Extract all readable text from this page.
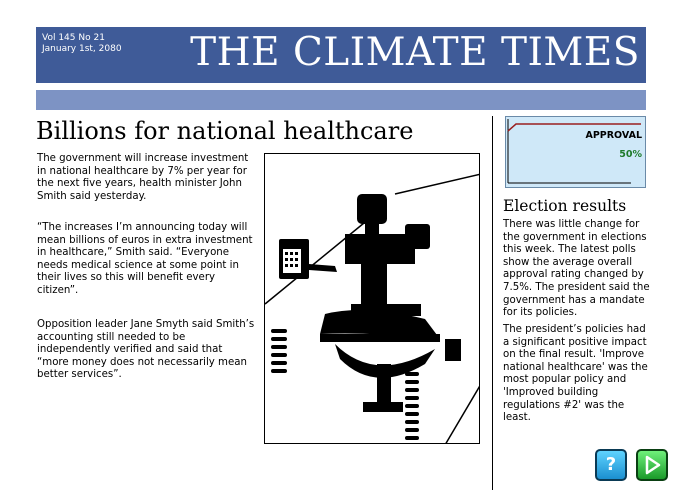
Vol 145 No 21
January 1st, 2080 THE CLIMATE TIMES
Billions for national healthcare
The government will increase investment in national healthcare by 7% per year for the next five years, health minister John Smith said yesterday.
“The increases I’m announcing today will mean billions of euros in extra investment in healthcare,” Smith said. “Everyone needs medical science at some point in their lives so this will benefit every citizen”.
Opposition leader Jane Smyth said Smith’s accounting still needed to be independently verified and said that “more money does not necessarily mean better services”.
APPROVAL
50%
Election results
There was little change for the government in elections this week. The latest polls show the average overall approval rating changed by 7.5%. The president said the government has a mandate for its policies.
The president’s policies had a significant positive impact on the final result. 'Improve national healthcare' was the most popular policy and 'Improved building regulations #2' was the least.
?
